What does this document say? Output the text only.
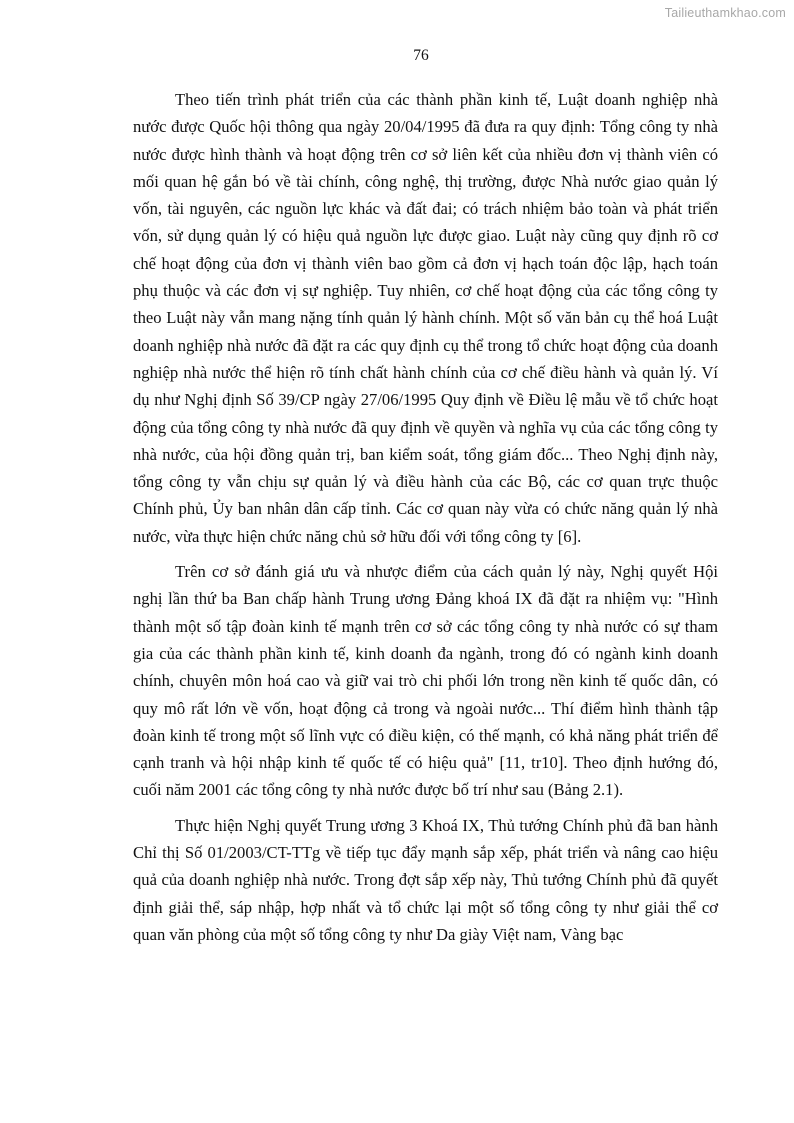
Tailieuthamkhao.com
76

Theo tiến trình phát triển của các thành phần kinh tế, Luật doanh nghiệp nhà nước được Quốc hội thông qua ngày 20/04/1995 đã đưa ra quy định: Tổng công ty nhà nước được hình thành và hoạt động trên cơ sở liên kết của nhiều đơn vị thành viên có mối quan hệ gắn bó về tài chính, công nghệ, thị trường, được Nhà nước giao quản lý vốn, tài nguyên, các nguồn lực khác và đất đai; có trách nhiệm bảo toàn và phát triển vốn, sử dụng quản lý có hiệu quả nguồn lực được giao. Luật này cũng quy định rõ cơ chế hoạt động của đơn vị thành viên bao gồm cả đơn vị hạch toán độc lập, hạch toán phụ thuộc và các đơn vị sự nghiệp. Tuy nhiên, cơ chế hoạt động của các tổng công ty theo Luật này vẫn mang nặng tính quản lý hành chính. Một số văn bản cụ thể hoá Luật doanh nghiệp nhà nước đã đặt ra các quy định cụ thể trong tổ chức hoạt động của doanh nghiệp nhà nước thể hiện rõ tính chất hành chính của cơ chế điều hành và quản lý. Ví dụ như Nghị định Số 39/CP ngày 27/06/1995 Quy định về Điều lệ mẫu về tổ chức hoạt động của tổng công ty nhà nước đã quy định về quyền và nghĩa vụ của các tổng công ty nhà nước, của hội đồng quản trị, ban kiểm soát, tổng giám đốc... Theo Nghị định này, tổng công ty vẫn chịu sự quản lý và điều hành của các Bộ, các cơ quan trực thuộc Chính phủ, Ủy ban nhân dân cấp tỉnh. Các cơ quan này vừa có chức năng quản lý nhà nước, vừa thực hiện chức năng chủ sở hữu đối với tổng công ty [6].

Trên cơ sở đánh giá ưu và nhược điểm của cách quản lý này, Nghị quyết Hội nghị lần thứ ba Ban chấp hành Trung ương Đảng khoá IX đã đặt ra nhiệm vụ: "Hình thành một số tập đoàn kinh tế mạnh trên cơ sở các tổng công ty nhà nước có sự tham gia của các thành phần kinh tế, kinh doanh đa ngành, trong đó có ngành kinh doanh chính, chuyên môn hoá cao và giữ vai trò chi phối lớn trong nền kinh tế quốc dân, có quy mô rất lớn về vốn, hoạt động cả trong và ngoài nước... Thí điểm hình thành tập đoàn kinh tế trong một số lĩnh vực có điều kiện, có thế mạnh, có khả năng phát triển để cạnh tranh và hội nhập kinh tế quốc tế có hiệu quả" [11, tr10]. Theo định hướng đó, cuối năm 2001 các tổng công ty nhà nước được bố trí như sau (Bảng 2.1).

Thực hiện Nghị quyết Trung ương 3 Khoá IX, Thủ tướng Chính phủ đã ban hành Chỉ thị Số 01/2003/CT-TTg về tiếp tục đẩy mạnh sắp xếp, phát triển và nâng cao hiệu quả của doanh nghiệp nhà nước. Trong đợt sắp xếp này, Thủ tướng Chính phủ đã quyết định giải thể, sáp nhập, hợp nhất và tổ chức lại một số tổng công ty như giải thể cơ quan văn phòng của một số tổng công ty như Da giày Việt nam, Vàng bạc
